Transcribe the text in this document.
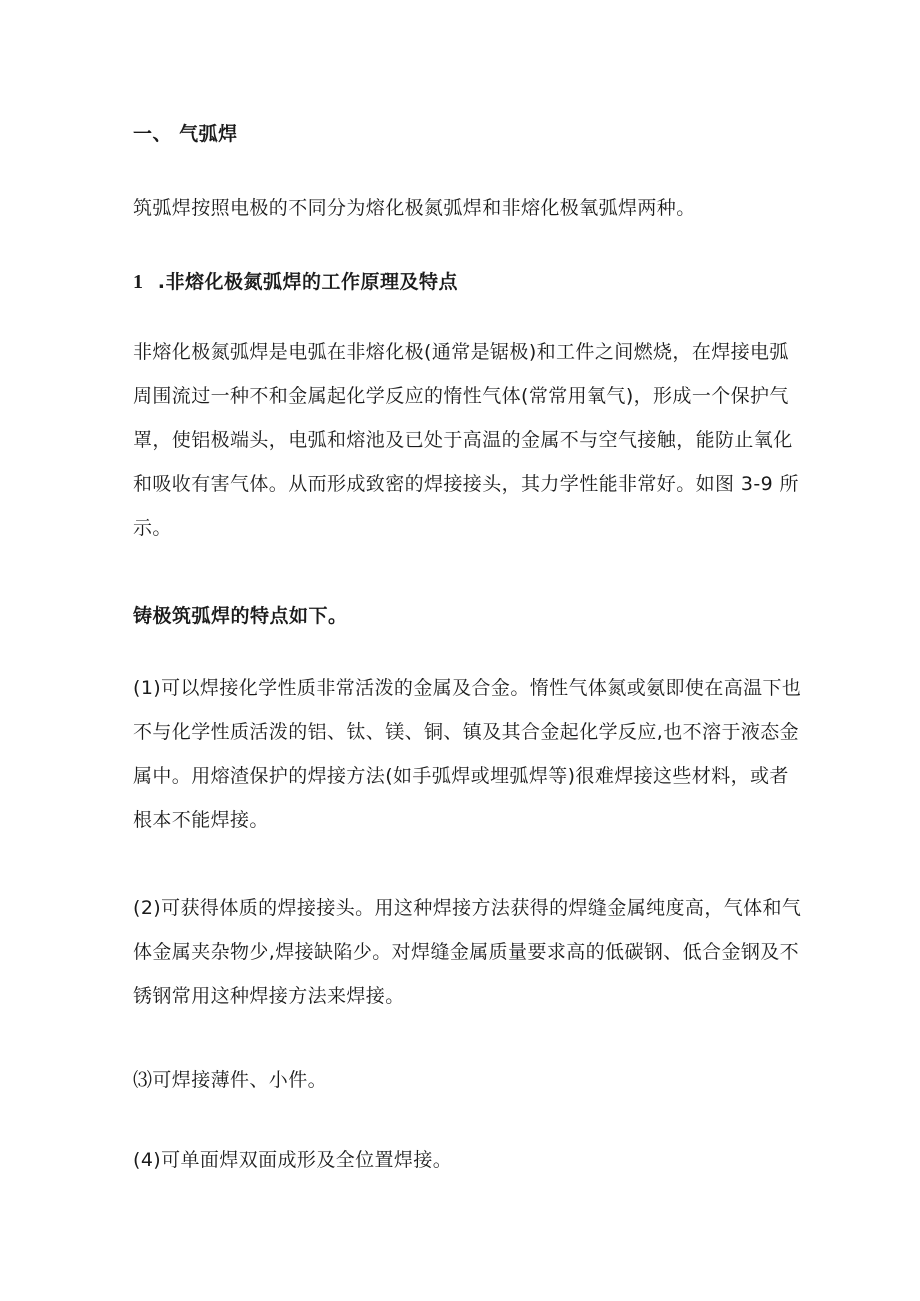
一、 气弧焊

筑弧焊按照电极的不同分为熔化极氮弧焊和非熔化极氧弧焊两种。

1 .非熔化极氮弧焊的工作原理及特点

非熔化极氮弧焊是电弧在非熔化极(通常是锯极)和工件之间燃烧，在焊接电弧周围流过一种不和金属起化学反应的惰性气体(常常用氧气)，形成一个保护气罩，使铝极端头，电弧和熔池及已处于高温的金属不与空气接触，能防止氧化和吸收有害气体。从而形成致密的焊接接头，其力学性能非常好。如图 3-9 所示。

铸极筑弧焊的特点如下。

(1)可以焊接化学性质非常活泼的金属及合金。惰性气体氮或氨即使在高温下也不与化学性质活泼的铝、钛、镁、铜、镇及其合金起化学反应,也不溶于液态金属中。用熔渣保护的焊接方法(如手弧焊或埋弧焊等)很难焊接这些材料，或者根本不能焊接。

(2)可获得体质的焊接接头。用这种焊接方法获得的焊缝金属纯度高，气体和气体金属夹杂物少,焊接缺陷少。对焊缝金属质量要求高的低碳钢、低合金钢及不锈钢常用这种焊接方法来焊接。

⑶可焊接薄件、小件。

(4)可单面焊双面成形及全位置焊接。
